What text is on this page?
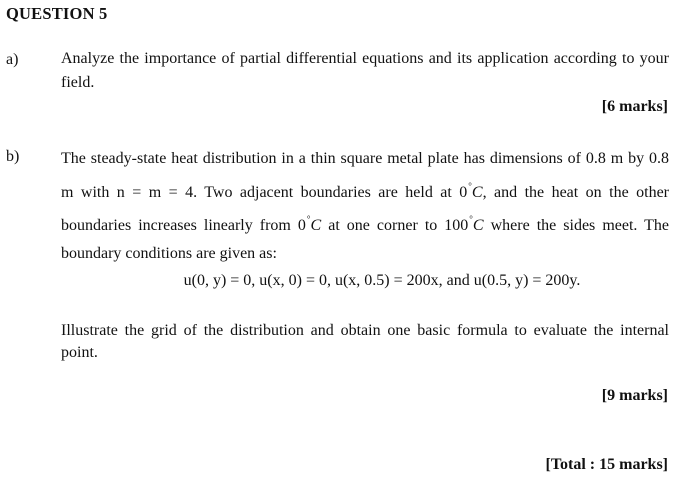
QUESTION 5
a)	Analyze the importance of partial differential equations and its application according to your field.
[6 marks]
b)	The steady-state heat distribution in a thin square metal plate has dimensions of 0.8 m by 0.8 m with n = m = 4. Two adjacent boundaries are held at 0°C, and the heat on the other boundaries increases linearly from 0°C at one corner to 100°C where the sides meet. The boundary conditions are given as:
u(0, y) = 0, u(x, 0) = 0, u(x, 0.5) = 200x, and u(0.5, y) = 200y.
Illustrate the grid of the distribution and obtain one basic formula to evaluate the internal point.
[9 marks]
[Total : 15 marks]
